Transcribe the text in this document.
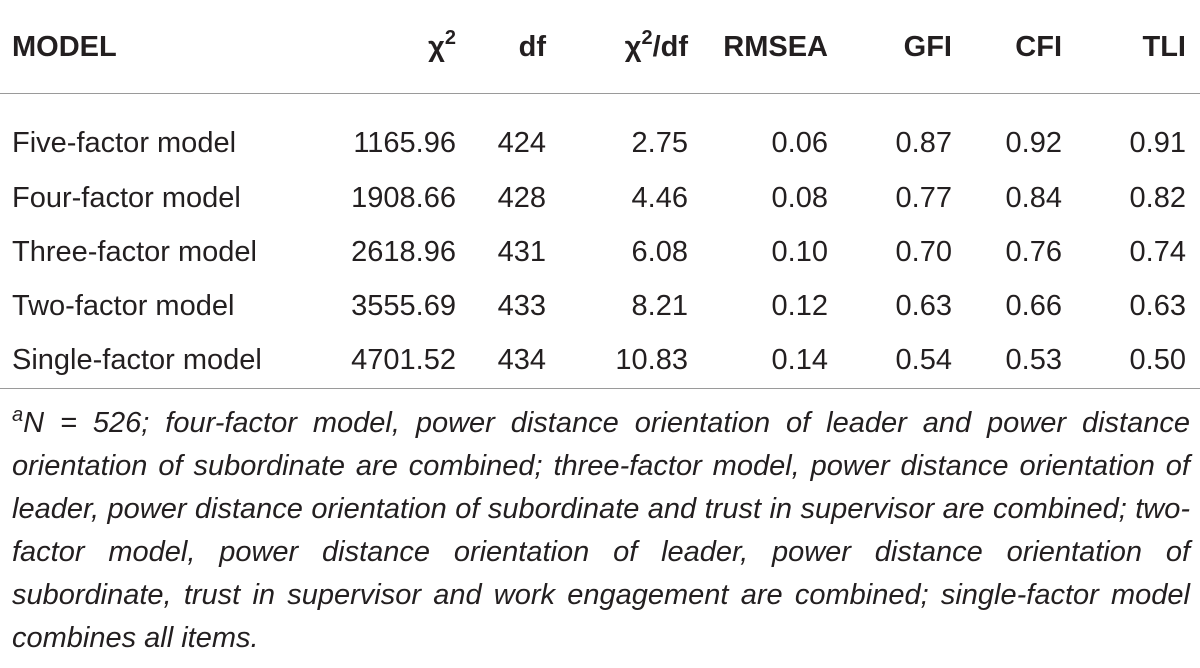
MODEL	$\chi^2$	df	$\chi^2/df$	RMSEA	GFI	CFI	TLI
Five-factor model	1165.96	424	2.75	0.06	0.87	0.92	0.91
Four-factor model	1908.66	428	4.46	0.08	0.77	0.84	0.82
Three-factor model	2618.96	431	6.08	0.10	0.70	0.76	0.74
Two-factor model	3555.69	433	8.21	0.12	0.63	0.66	0.63
Single-factor model	4701.52	434	10.83	0.14	0.54	0.53	0.50

$^a$N = 526; four-factor model, power distance orientation of leader and power distance orientation of subordinate are combined; three-factor model, power distance orientation of leader, power distance orientation of subordinate and trust in supervisor are combined; two-factor model, power distance orientation of leader, power distance orientation of subordinate, trust in supervisor and work engagement are combined; single-factor model combines all items.
